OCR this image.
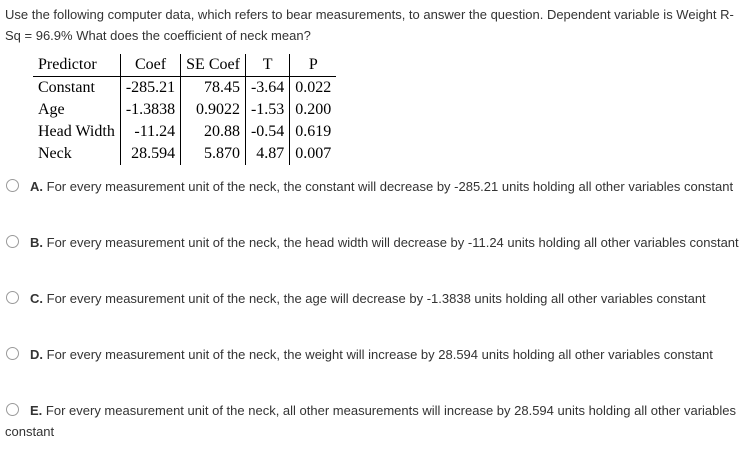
Use the following computer data, which refers to bear measurements, to answer the question. Dependent variable is Weight R-Sq = 96.9% What does the coefficient of neck mean?
Predictor	Coef	SE Coef	T	P
Constant	-285.21	78.45	-3.64	0.022
Age	-1.3838	0.9022	-1.53	0.200
Head Width	-11.24	20.88	-0.54	0.619
Neck	28.594	5.870	4.87	0.007
A. For every measurement unit of the neck, the constant will decrease by -285.21 units holding all other variables constant
B. For every measurement unit of the neck, the head width will decrease by -11.24 units holding all other variables constant
C. For every measurement unit of the neck, the age will decrease by -1.3838 units holding all other variables constant
D. For every measurement unit of the neck, the weight will increase by 28.594 units holding all other variables constant
E. For every measurement unit of the neck, all other measurements will increase by 28.594 units holding all other variables constant
